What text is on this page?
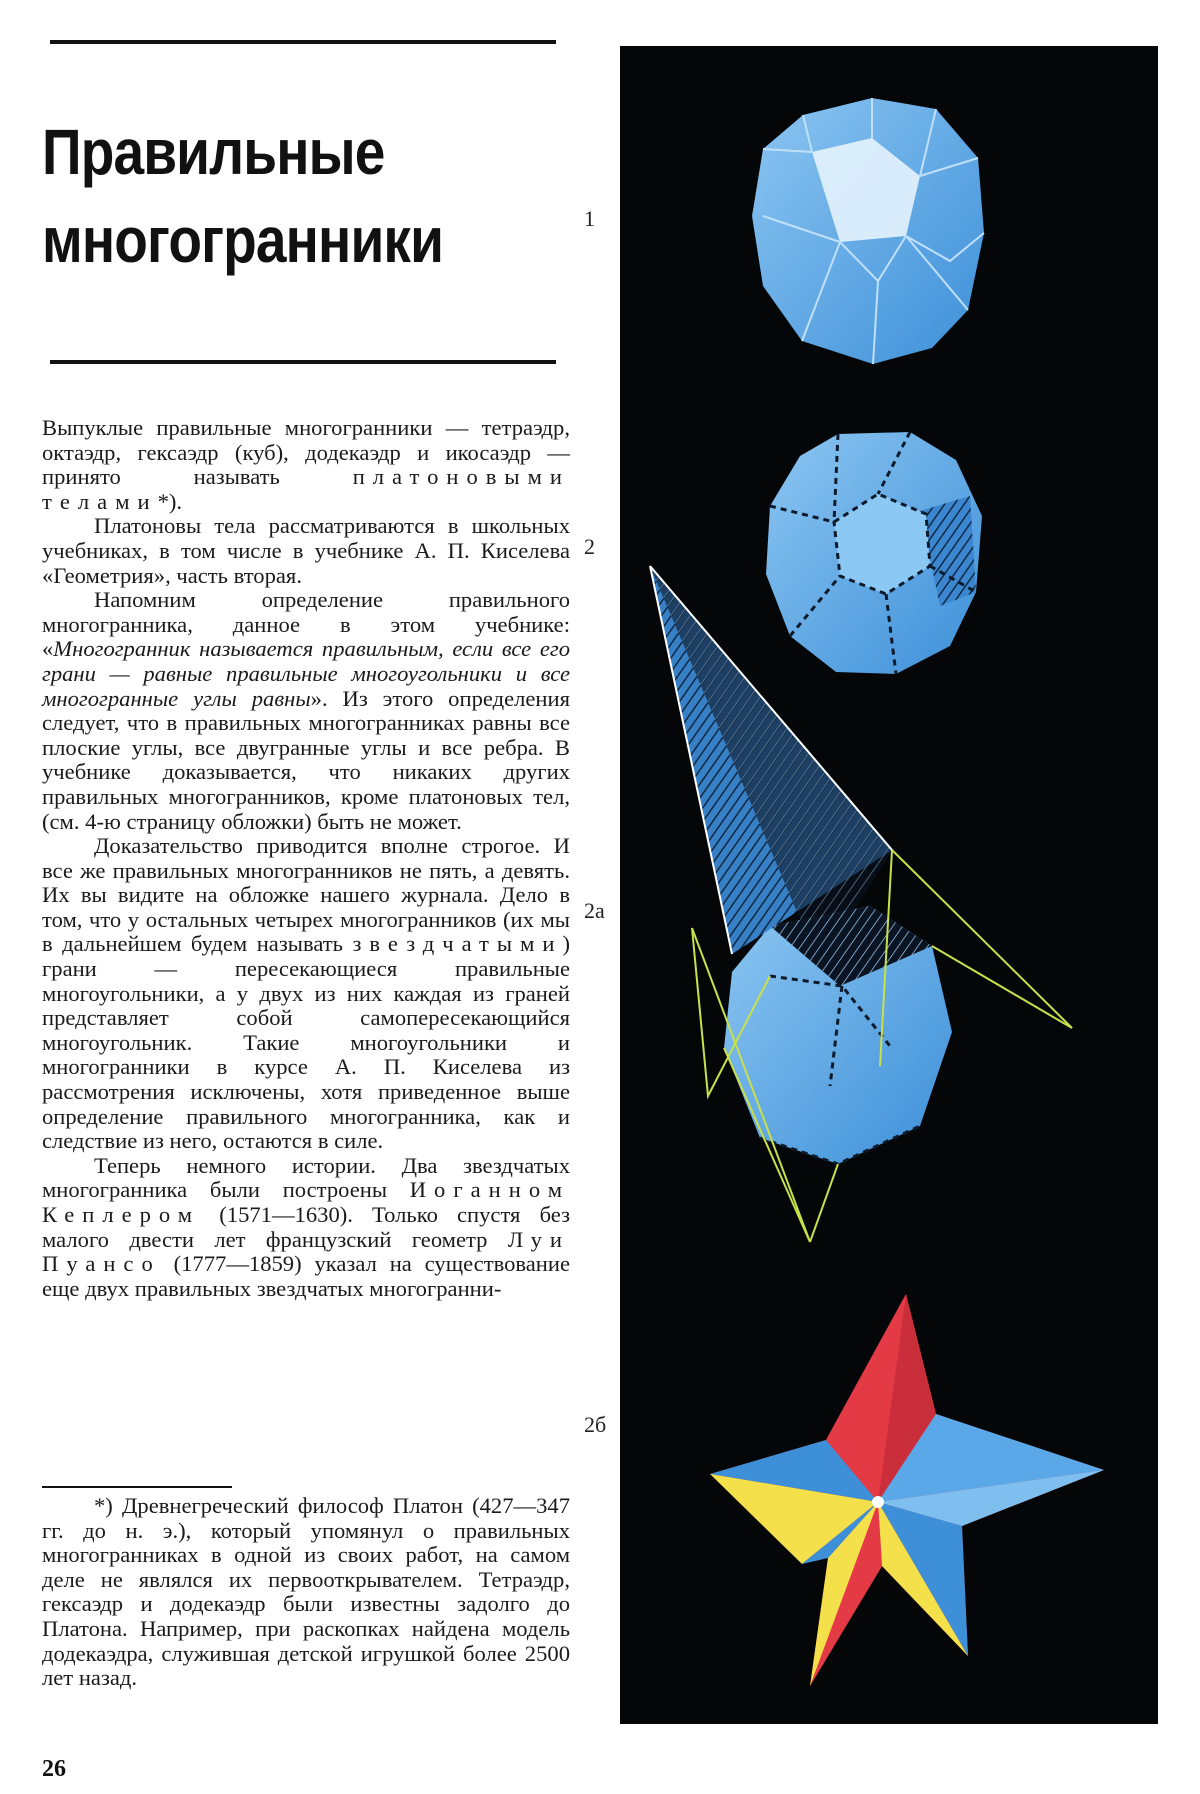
Правильные
многогранники

Выпуклые правильные многогранники — тетраэдр, октаэдр, гексаэдр (куб), додекаэдр и икосаэдр — принято называть платоновыми телами*).

Платоновы тела рассматриваются в школьных учебниках, в том числе в учебнике А. П. Киселева «Геометрия», часть вторая.

Напомним определение правильного многогранника, данное в этом учебнике: «Многогранник называется правильным, если все его грани — равные правильные многоугольники и все многогранные углы равны». Из этого определения следует, что в правильных многогранниках равны все плоские углы, все двугранные углы и все ребра. В учебнике доказывается, что никаких других правильных многогранников, кроме платоновых тел, (см. 4-ю страницу обложки) быть не может.

Доказательство приводится вполне строгое. И все же правильных многогранников не пять, а девять. Их вы видите на обложке нашего журнала. Дело в том, что у остальных четырех многогранников (их мы в дальнейшем будем называть звездчатыми) грани — пересекающиеся правильные многоугольники, а у двух из них каждая из граней представляет собой самопересекающийся многоугольник. Такие многоугольники и многогранники в курсе А. П. Киселева из рассмотрения исключены, хотя приведенное выше определение правильного многогранника, как и следствие из него, остаются в силе.

Теперь немного истории. Два звездчатых многогранника были построены Иоганном Кеплером (1571—1630). Только спустя без малого двести лет французский геометр Луи Пуансо (1777—1859) указал на существование еще двух правильных звездчатых многогранни-

*) Древнегреческий философ Платон (427—347 гг. до н. э.), который упомянул о правильных многогранниках в одной из своих работ, на самом деле не являлся их первооткрывателем. Тетраэдр, гексаэдр и додекаэдр были известны задолго до Платона. Например, при раскопках найдена модель додекаэдра, служившая детской игрушкой более 2500 лет назад.

26
1
2
2a
2б
